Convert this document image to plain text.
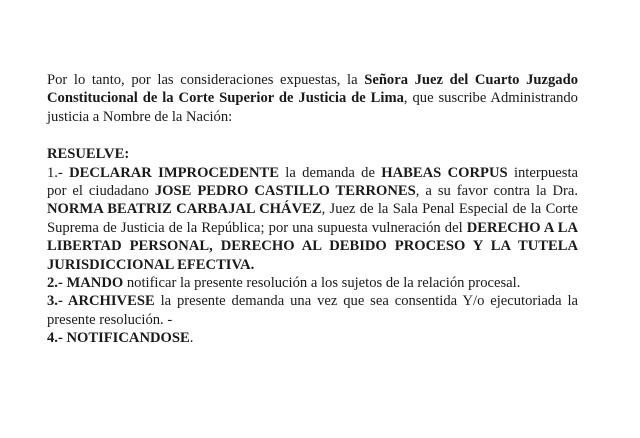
Por lo tanto, por las consideraciones expuestas, la Señora Juez del Cuarto Juzgado Constitucional de la Corte Superior de Justicia de Lima, que suscribe Administrando justicia a Nombre de la Nación:

RESUELVE:

1.- DECLARAR IMPROCEDENTE la demanda de HABEAS CORPUS interpuesta por el ciudadano JOSE PEDRO CASTILLO TERRONES, a su favor contra la Dra. NORMA BEATRIZ CARBAJAL CHÁVEZ, Juez de la Sala Penal Especial de la Corte Suprema de Justicia de la República; por una supuesta vulneración del DERECHO A LA LIBERTAD PERSONAL, DERECHO AL DEBIDO PROCESO Y LA TUTELA JURISDICCIONAL EFECTIVA.

2.- MANDO notificar la presente resolución a los sujetos de la relación procesal.

3.- ARCHIVESE la presente demanda una vez que sea consentida Y/o ejecutoriada la presente resolución. -

4.- NOTIFICANDOSE.
